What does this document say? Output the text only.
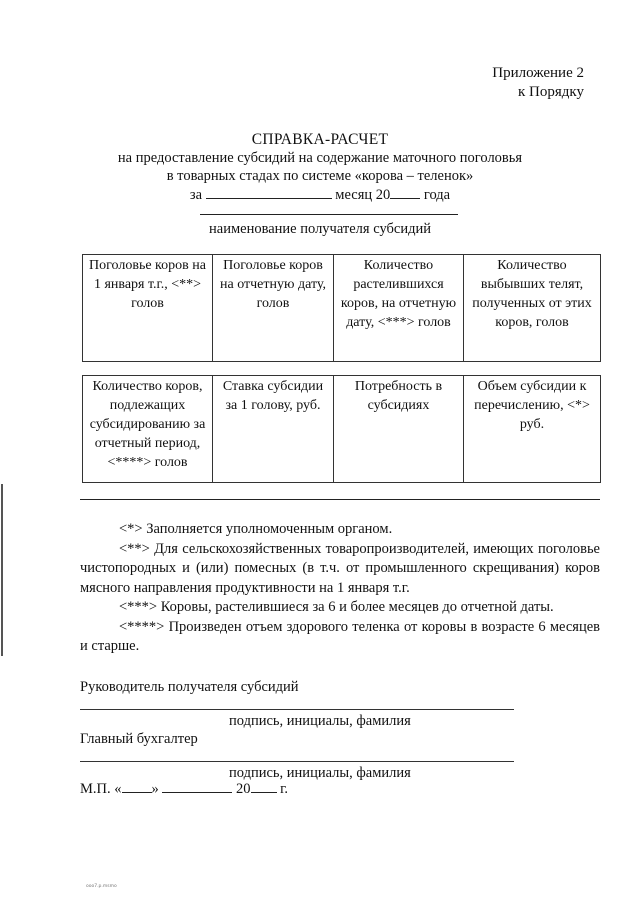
Приложение 2
к Порядку
СПРАВКА-РАСЧЕТ
на предоставление субсидий на содержание маточного поголовья
в товарных стадах по системе «корова – теленок»
за	месяц 20 года
наименование получателя субсидий
Поголовье коров на 1 января т.г., <**> голов	Поголовье коров на отчетную дату, голов	Количество растелившихся коров, на отчетную дату, <***> голов	Количество выбывших телят, полученных от этих коров, голов
Количество коров, подлежащих субсидированию за отчетный период, <****> голов	Ставка субсидии за 1 голову, руб.	Потребность в субсидиях	Объем субсидии к перечислению, <*> руб.

<*> Заполняется уполномоченным органом.

<**> Для сельскохозяйственных товаропроизводителей, имеющих поголовье чистопородных и (или) помесных (в т.ч. от промышленного скрещивания) коров мясного направления продуктивности на 1 января т.г.

<***> Коровы, растелившиеся за 6 и более месяцев до отчетной даты.

<****> Произведен отъем здорового теленка от коровы в возрасте 6 месяцев и старше.

Руководитель получателя субсидий
подпись, инициалы, фамилия
Главный бухгалтер
подпись, инициалы, фамилия
М.П. « »	20 г.
ooo7.p.msmo
